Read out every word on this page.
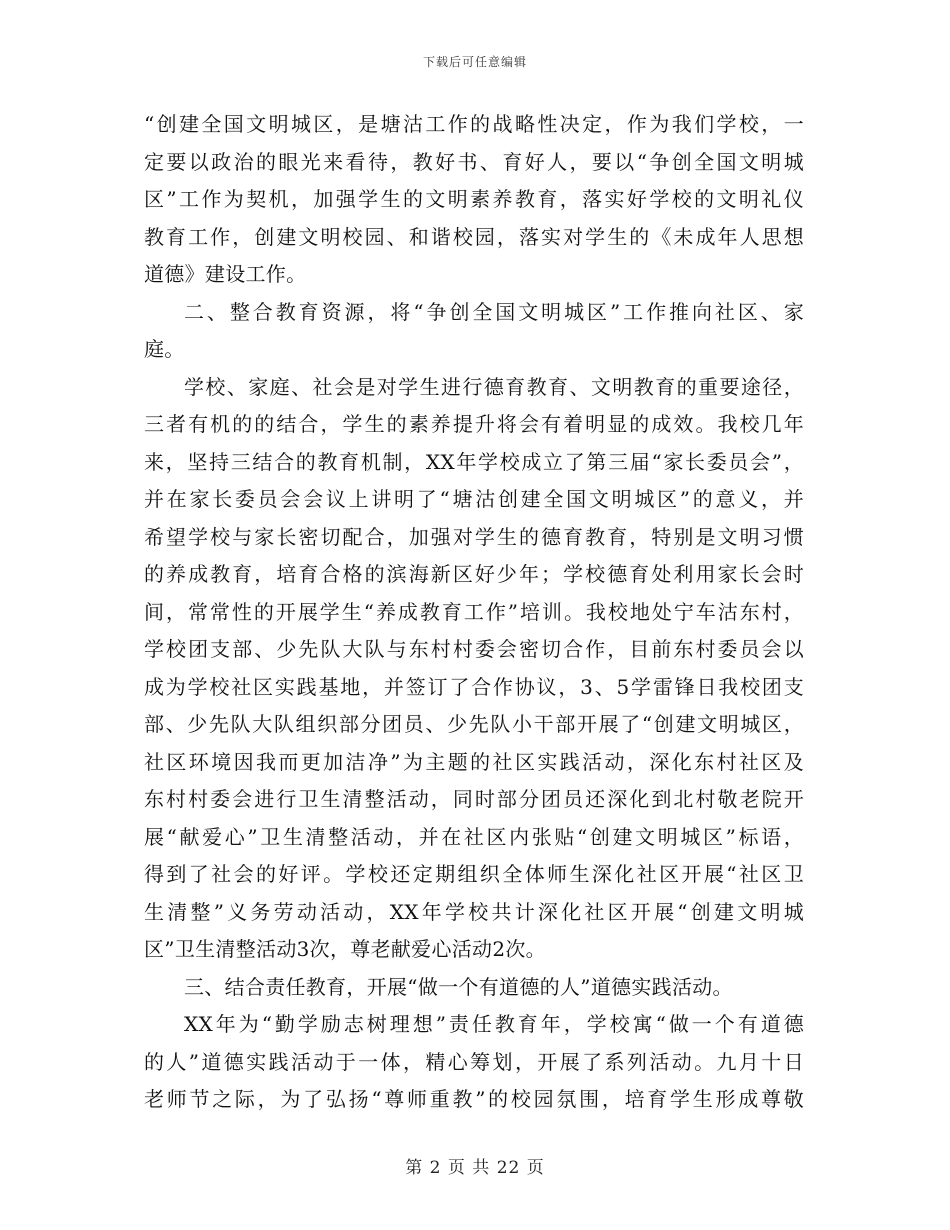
下载后可任意编辑
“创建全国文明城区，是塘沽工作的战略性决定，作为我们学校，一
定要以政治的眼光来看待，教好书、育好人，要以“争创全国文明城
区”工作为契机，加强学生的文明素养教育，落实好学校的文明礼仪
教育工作，创建文明校园、和谐校园，落实对学生的《未成年人思想
道德》建设工作。
二、整合教育资源，将“争创全国文明城区”工作推向社区、家
庭。
学校、家庭、社会是对学生进行德育教育、文明教育的重要途径，
三者有机的的结合，学生的素养提升将会有着明显的成效。我校几年
来，坚持三结合的教育机制，XX年学校成立了第三届“家长委员会”，
并在家长委员会会议上讲明了“塘沽创建全国文明城区”的意义，并
希望学校与家长密切配合，加强对学生的德育教育，特别是文明习惯
的养成教育，培育合格的滨海新区好少年；学校德育处利用家长会时
间，常常性的开展学生“养成教育工作”培训。我校地处宁车沽东村，
学校团支部、少先队大队与东村村委会密切合作，目前东村委员会以
成为学校社区实践基地，并签订了合作协议，3、5学雷锋日我校团支
部、少先队大队组织部分团员、少先队小干部开展了“创建文明城区，
社区环境因我而更加洁净”为主题的社区实践活动，深化东村社区及
东村村委会进行卫生清整活动，同时部分团员还深化到北村敬老院开
展“献爱心”卫生清整活动，并在社区内张贴“创建文明城区”标语，
得到了社会的好评。学校还定期组织全体师生深化社区开展“社区卫
生清整”义务劳动活动，XX年学校共计深化社区开展“创建文明城
区”卫生清整活动3次，尊老献爱心活动2次。
三、结合责任教育，开展“做一个有道德的人”道德实践活动。
XX年为“勤学励志树理想”责任教育年，学校寓“做一个有道德
的人”道德实践活动于一体，精心筹划，开展了系列活动。九月十日
老师节之际，为了弘扬“尊师重教”的校园氛围，培育学生形成尊敬
第 2 页 共 22 页
